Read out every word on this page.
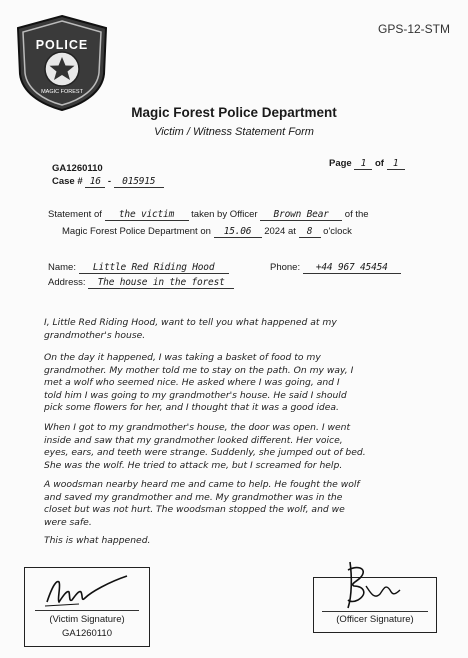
GPS-12-STM
POLICE
MAGIC FOREST
Magic Forest Police Department
Victim / Witness Statement Form
GA1260110
Case # 16 - 015915
Page 1 of 1
Statement of the victim taken by Officer Brown Bear of the
Magic Forest Police Department on 15.06 2024 at 8 o'clock
Name: Little Red Riding Hood	Phone: +44 967 45454
Address: The house in the forest
I, Little Red Riding Hood, want to tell you what happened at my
grandmother's house.
On the day it happened, I was taking a basket of food to my
grandmother. My mother told me to stay on the path. On my way, I
met a wolf who seemed nice. He asked where I was going, and I
told him I was going to my grandmother's house. He said I should
pick some flowers for her, and I thought that it was a good idea.
When I got to my grandmother's house, the door was open. I went
inside and saw that my grandmother looked different. Her voice,
eyes, ears, and teeth were strange. Suddenly, she jumped out of bed.
She was the wolf. He tried to attack me, but I screamed for help.
A woodsman nearby heard me and came to help. He fought the wolf
and saved my grandmother and me. My grandmother was in the
closet but was not hurt. The woodsman stopped the wolf, and we
were safe.
This is what happened.
(Victim Signature)
GA1260110
(Officer Signature)
